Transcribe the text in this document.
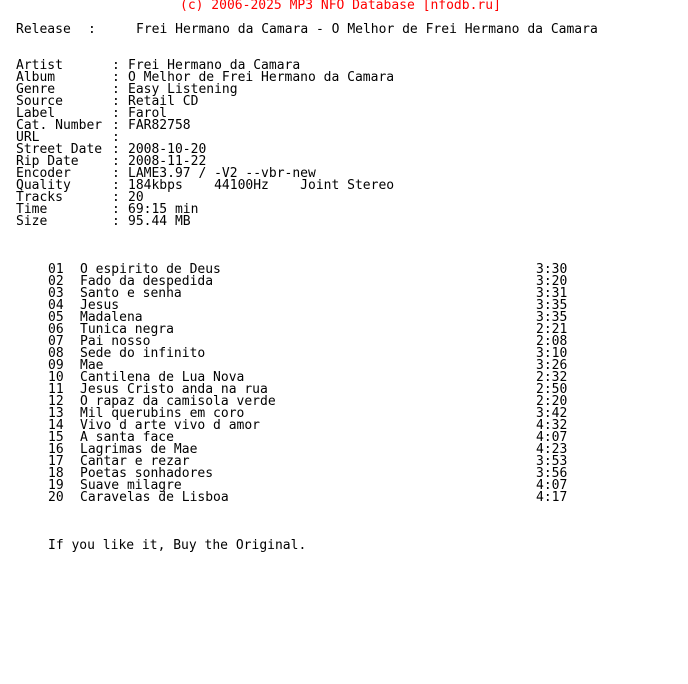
(c) 2006-2025 MP3 NFO Database [nfodb.ru]
Release :	Frei Hermano da Camara - O Melhor de Frei Hermano da Camara
Artist	: Frei Hermano da Camara
Album	: O Melhor de Frei Hermano da Camara
Genre	: Easy Listening
Source	: Retail CD
Label	: Farol
Cat. Number : FAR82758
URL	:
Street Date : 2008-10-20
Rip Date	: 2008-11-22
Encoder	: LAME3.97 / -V2 --vbr-new
Quality	: 184kbps    44100Hz    Joint Stereo
Tracks	: 20
Time	: 69:15 min
Size	: 95.44 MB
01 O espirito de Deus	3:30
02 Fado da despedida	3:20
03 Santo e senha	3:31
04 Jesus	3:35
05 Madalena	3:35
06 Tunica negra	2:21
07 Pai nosso	2:08
08 Sede do infinito	3:10
09 Mae	3:26
10 Cantilena de Lua Nova	2:32
11 Jesus Cristo anda na rua	2:50
12 O rapaz da camisola verde	2:20
13 Mil querubins em coro	3:42
14 Vivo d arte vivo d amor	4:32
15 A santa face	4:07
16 Lagrimas de Mae	4:23
17 Cantar e rezar	3:53
18 Poetas sonhadores	3:56
19 Suave milagre	4:07
20 Caravelas de Lisboa	4:17
If you like it, Buy the Original.
